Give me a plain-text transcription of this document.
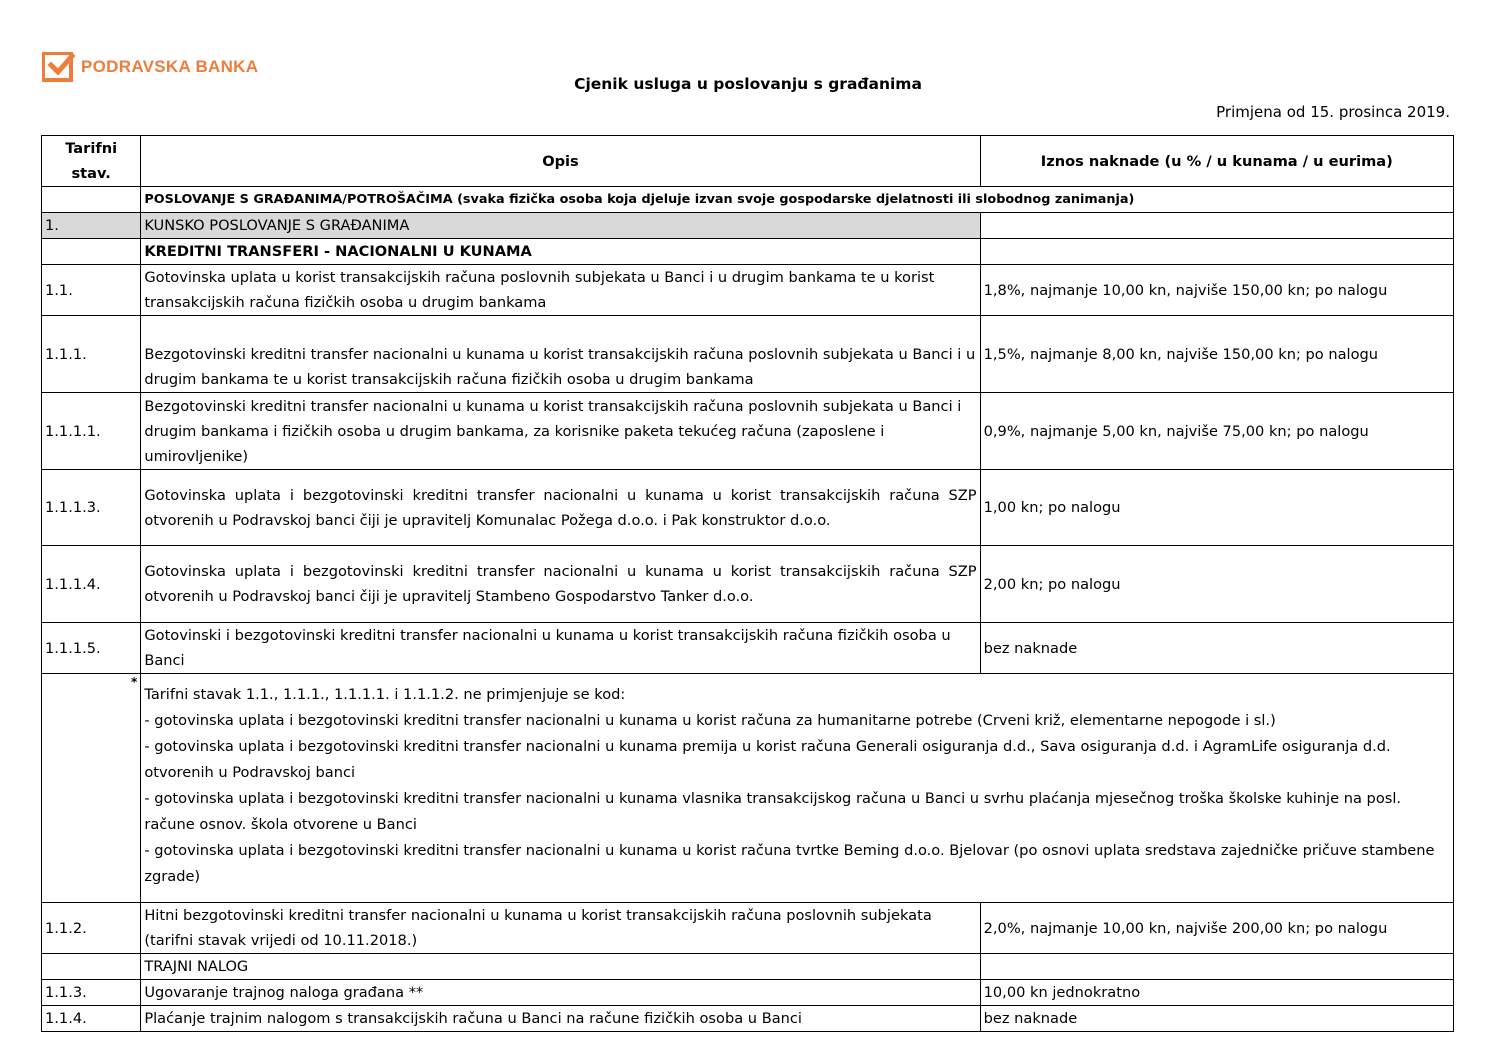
PODRAVSKA BANKA
Cjenik usluga u poslovanju s građanima
Primjena od 15. prosinca 2019.
Tarifni stav.	Opis	Iznos naknade (u % / u kunama / u eurima)
	POSLOVANJE S GRAĐANIMA/POTROŠAČIMA (svaka fizička osoba koja djeluje izvan svoje gospodarske djelatnosti ili slobodnog zanimanja)	
1.	KUNSKO POSLOVANJE S GRAĐANIMA	
	KREDITNI TRANSFERI - NACIONALNI U KUNAMA	
1.1.	Gotovinska uplata u korist transakcijskih računa poslovnih subjekata u Banci i u drugim bankama te u korist transakcijskih računa fizičkih osoba u drugim bankama	1,8%, najmanje 10,00 kn, najviše 150,00 kn; po nalogu
1.1.1.	Bezgotovinski kreditni transfer nacionalni u kunama u korist transakcijskih računa poslovnih subjekata u Banci i u drugim bankama te u korist transakcijskih računa fizičkih osoba u drugim bankama	1,5%, najmanje 8,00 kn, najviše 150,00 kn; po nalogu
1.1.1.1.	Bezgotovinski kreditni transfer nacionalni u kunama u korist transakcijskih računa poslovnih subjekata u Banci i drugim bankama i fizičkih osoba u drugim bankama, za korisnike paketa tekućeg računa (zaposlene i umirovljenike)	0,9%, najmanje 5,00 kn, najviše 75,00 kn; po nalogu
1.1.1.3.	Gotovinska uplata i bezgotovinski kreditni transfer nacionalni u kunama u korist transakcijskih računa SZP otvorenih u Podravskoj banci čiji je upravitelj Komunalac Požega d.o.o. i Pak konstruktor d.o.o.	1,00 kn; po nalogu
1.1.1.4.	Gotovinska uplata i bezgotovinski kreditni transfer nacionalni u kunama u korist transakcijskih računa SZP otvorenih u Podravskoj banci čiji je upravitelj Stambeno Gospodarstvo Tanker d.o.o.	2,00 kn; po nalogu
1.1.1.5.	Gotovinski i bezgotovinski kreditni transfer nacionalni u kunama u korist transakcijskih računa fizičkih osoba u Banci	bez naknade
*	Tarifni stavak 1.1., 1.1.1., 1.1.1.1. i 1.1.1.2. ne primjenjuje se kod:
- gotovinska uplata i bezgotovinski kreditni transfer nacionalni u kunama u korist računa za humanitarne potrebe (Crveni križ, elementarne nepogode i sl.)
- gotovinska uplata i bezgotovinski kreditni transfer nacionalni u kunama premija u korist računa Generali osiguranja d.d., Sava osiguranja d.d. i AgramLife osiguranja d.d. otvorenih u Podravskoj banci
- gotovinska uplata i bezgotovinski kreditni transfer nacionalni u kunama vlasnika transakcijskog računa u Banci u svrhu plaćanja mjesečnog troška školske kuhinje na posl. račune osnov. škola otvorene u Banci
- gotovinska uplata i bezgotovinski kreditni transfer nacionalni u kunama u korist računa tvrtke Beming d.o.o. Bjelovar (po osnovi uplata sredstava zajedničke pričuve stambene zgrade)	

1.1.2.	Hitni bezgotovinski kreditni transfer nacionalni u kunama u korist transakcijskih računa poslovnih subjekata (tarifni stavak vrijedi od 10.11.2018.)	2,0%, najmanje 10,00 kn, najviše 200,00 kn; po nalogu
	TRAJNI NALOG	
1.1.3.	Ugovaranje trajnog naloga građana **	10,00 kn jednokratno
1.1.4.	Plaćanje trajnim nalogom s transakcijskih računa u Banci na račune fizičkih osoba u Banci	bez naknade
